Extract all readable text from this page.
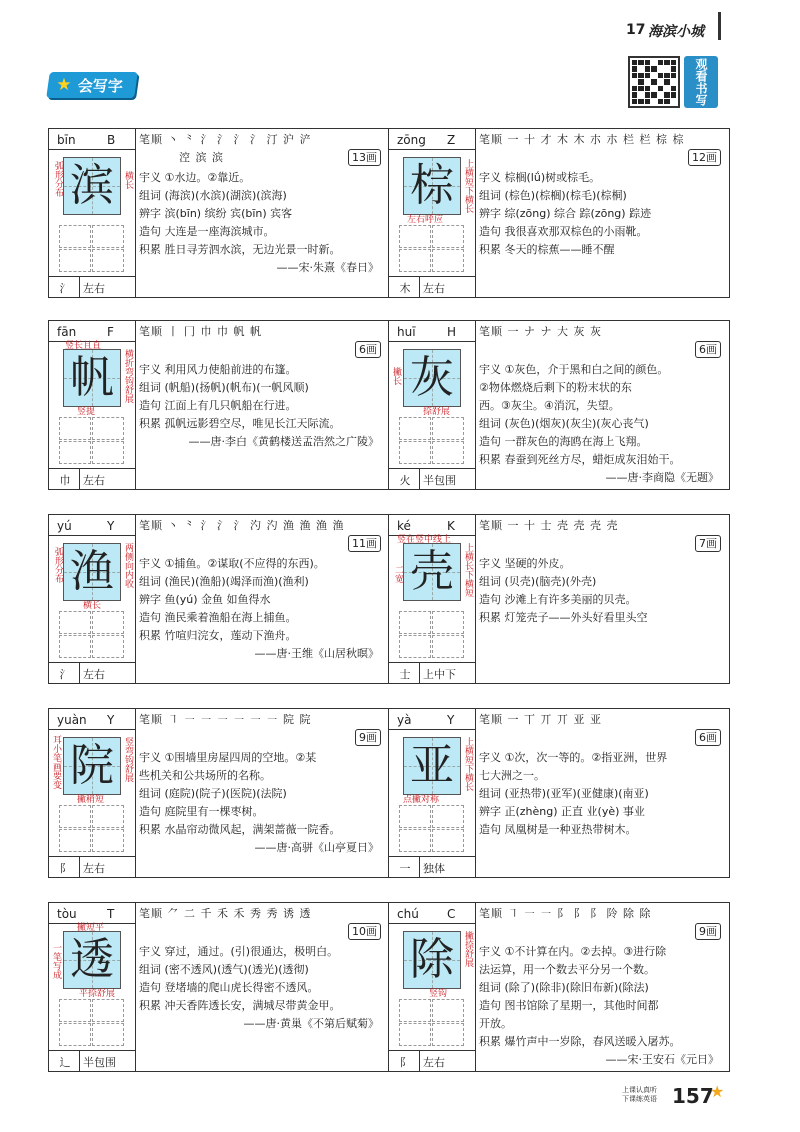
17 海滨小城
★ 会写字	观看书写
bīn	B
滨
弧形分布	横长
氵	左右
笔顺 丶 ⺀ 氵 氵 氵 氵 汀 沪 浐
涳 滨 滨	13画

宇义 ①水边。②靠近。

组词 (海滨)(水滨)(湖滨)(滨海)

辨字 滨(bīn) 缤纷 宾(bīn) 宾客

造句 大连是一座海滨城市。

积累 胜日寻芳泗水滨，无边光景一时新。

——宋·朱熹《春日》

zōng Z
棕	上横短下横长
左右呼应
木	左右
笔顺 一 十 才 木 木 朩 朩 栏 栏 棕 棕
12画

字义 棕榈(lǘ)树或棕毛。

组词 (棕色)(棕榈)(棕毛)(棕桐)

辨字 综(zōng) 综合 踪(zōng) 踪迹

造句 我很喜欢那双棕色的小雨靴。

积累 冬天的棕蕉——睡不醒

fān	F
帆
竖长且直
横折弯钩舒展
竖提
巾	左右
笔顺 丨 冂 巾 巾 帆 帆
6画

宇义 利用风力使船前进的布篷。

组词 (帆船)(扬帆)(帆布)(一帆风顺)

造句 江面上有几只帆船在行进。

积累 孤帆远影碧空尽，唯见长江天际流。

——唐·李白《黄鹤楼送孟浩然之广陵》

huī	H
灰
撇长
捺舒展
火	半包围
笔顺 一 ナ ナ 大 灰 灰
6画

宇义 ①灰色，介于黑和白之间的颜色。

②物体燃烧后剩下的粉末状的东

西。③灰尘。④消沉，失望。

组词 (灰色)(烟灰)(灰尘)(灰心丧气)

造句 一群灰色的海鸥在海上飞翔。

积累 春蚕到死丝方尽，蜡炬成灰泪始干。

——唐·李商隐《无题》

yú	Y
渔
弧形分布	两侧向内收
横长
氵	左右
笔顺 丶 ⺀ 氵 氵 氵 汋 汋 渔 渔 渔 渔
11画

宇义 ①捕鱼。②谋取(不应得的东西)。

组词 (渔民)(渔船)(竭泽而渔)(渔利)

辨字 鱼(yú) 金鱼 如鱼得水

造句 渔民乘着渔船在海上捕鱼。

积累 竹喧归浣女，莲动下渔舟。

——唐·王维《山居秋暝》

ké	K
壳
竖在竖中线上
上横长下横短
二宽
士	上中下
笔顺 一 十 士 壳 壳 壳 壳
7画

字义 坚硬的外皮。

组词 (贝壳)(脑壳)(外壳)

造句 沙滩上有许多美丽的贝壳。

积累 灯笼壳子——外头好看里头空

yuàn Y
院
耳小笔画要变	竖弯钩舒展
撇稍短
阝	左右
笔顺 ㇕ ㇐ ㇐ ㇐ ㇐ ㇐ ㇐ 院 院
9画

宇义 ①围墙里房屋四周的空地。②某

些机关和公共场所的名称。

组词 (庭院)(院子)(医院)(法院)

造句 庭院里有一棵枣树。

积累 水晶帘动微风起，满架蔷薇一院香。

——唐·高骈《山亭夏日》

yà	Y
亚	上横短下横长
点撇对称
一	独体
笔顺 一 丅 丌 丌 亚 亚
6画

字义 ①次，次一等的。②指亚洲，世界

七大洲之一。

组词 (亚热带)(亚军)(亚健康)(南亚)

辨字 正(zhèng) 正直 业(yè) 事业

造句 凤凰树是一种亚热带树木。

tòu	T
透
撇短平
一笔写成
平捺舒展
辶	半包围
笔顺 ⺈ 二 千 禾 禾 秀 秀 诱 透
10画

宇义 穿过，通过。(引)很通达，极明白。

组词 (密不透风)(透气)(透光)(透彻)

造句 登堵墙的爬山虎长得密不透风。

积累 冲天香阵透长安，满城尽带黄金甲。

——唐·黄巢《不第后赋菊》

chú C
除	撇捺舒展
竖钩
阝	左右
笔顺 ㇕ ㇐ ㇐ 阝 阝 阝 阾 除 除
9画

宇义 ①不计算在内。②去掉。③进行除

法运算，用一个数去平分另一个数。

组词 (除了)(除非)(除旧布新)(除法)

造句 图书馆除了星期一，其他时间都

开放。

积累 爆竹声中一岁除，春风送暖入屠苏。

——宋·王安石《元日》

上课认真听
下课练英语 157
★
